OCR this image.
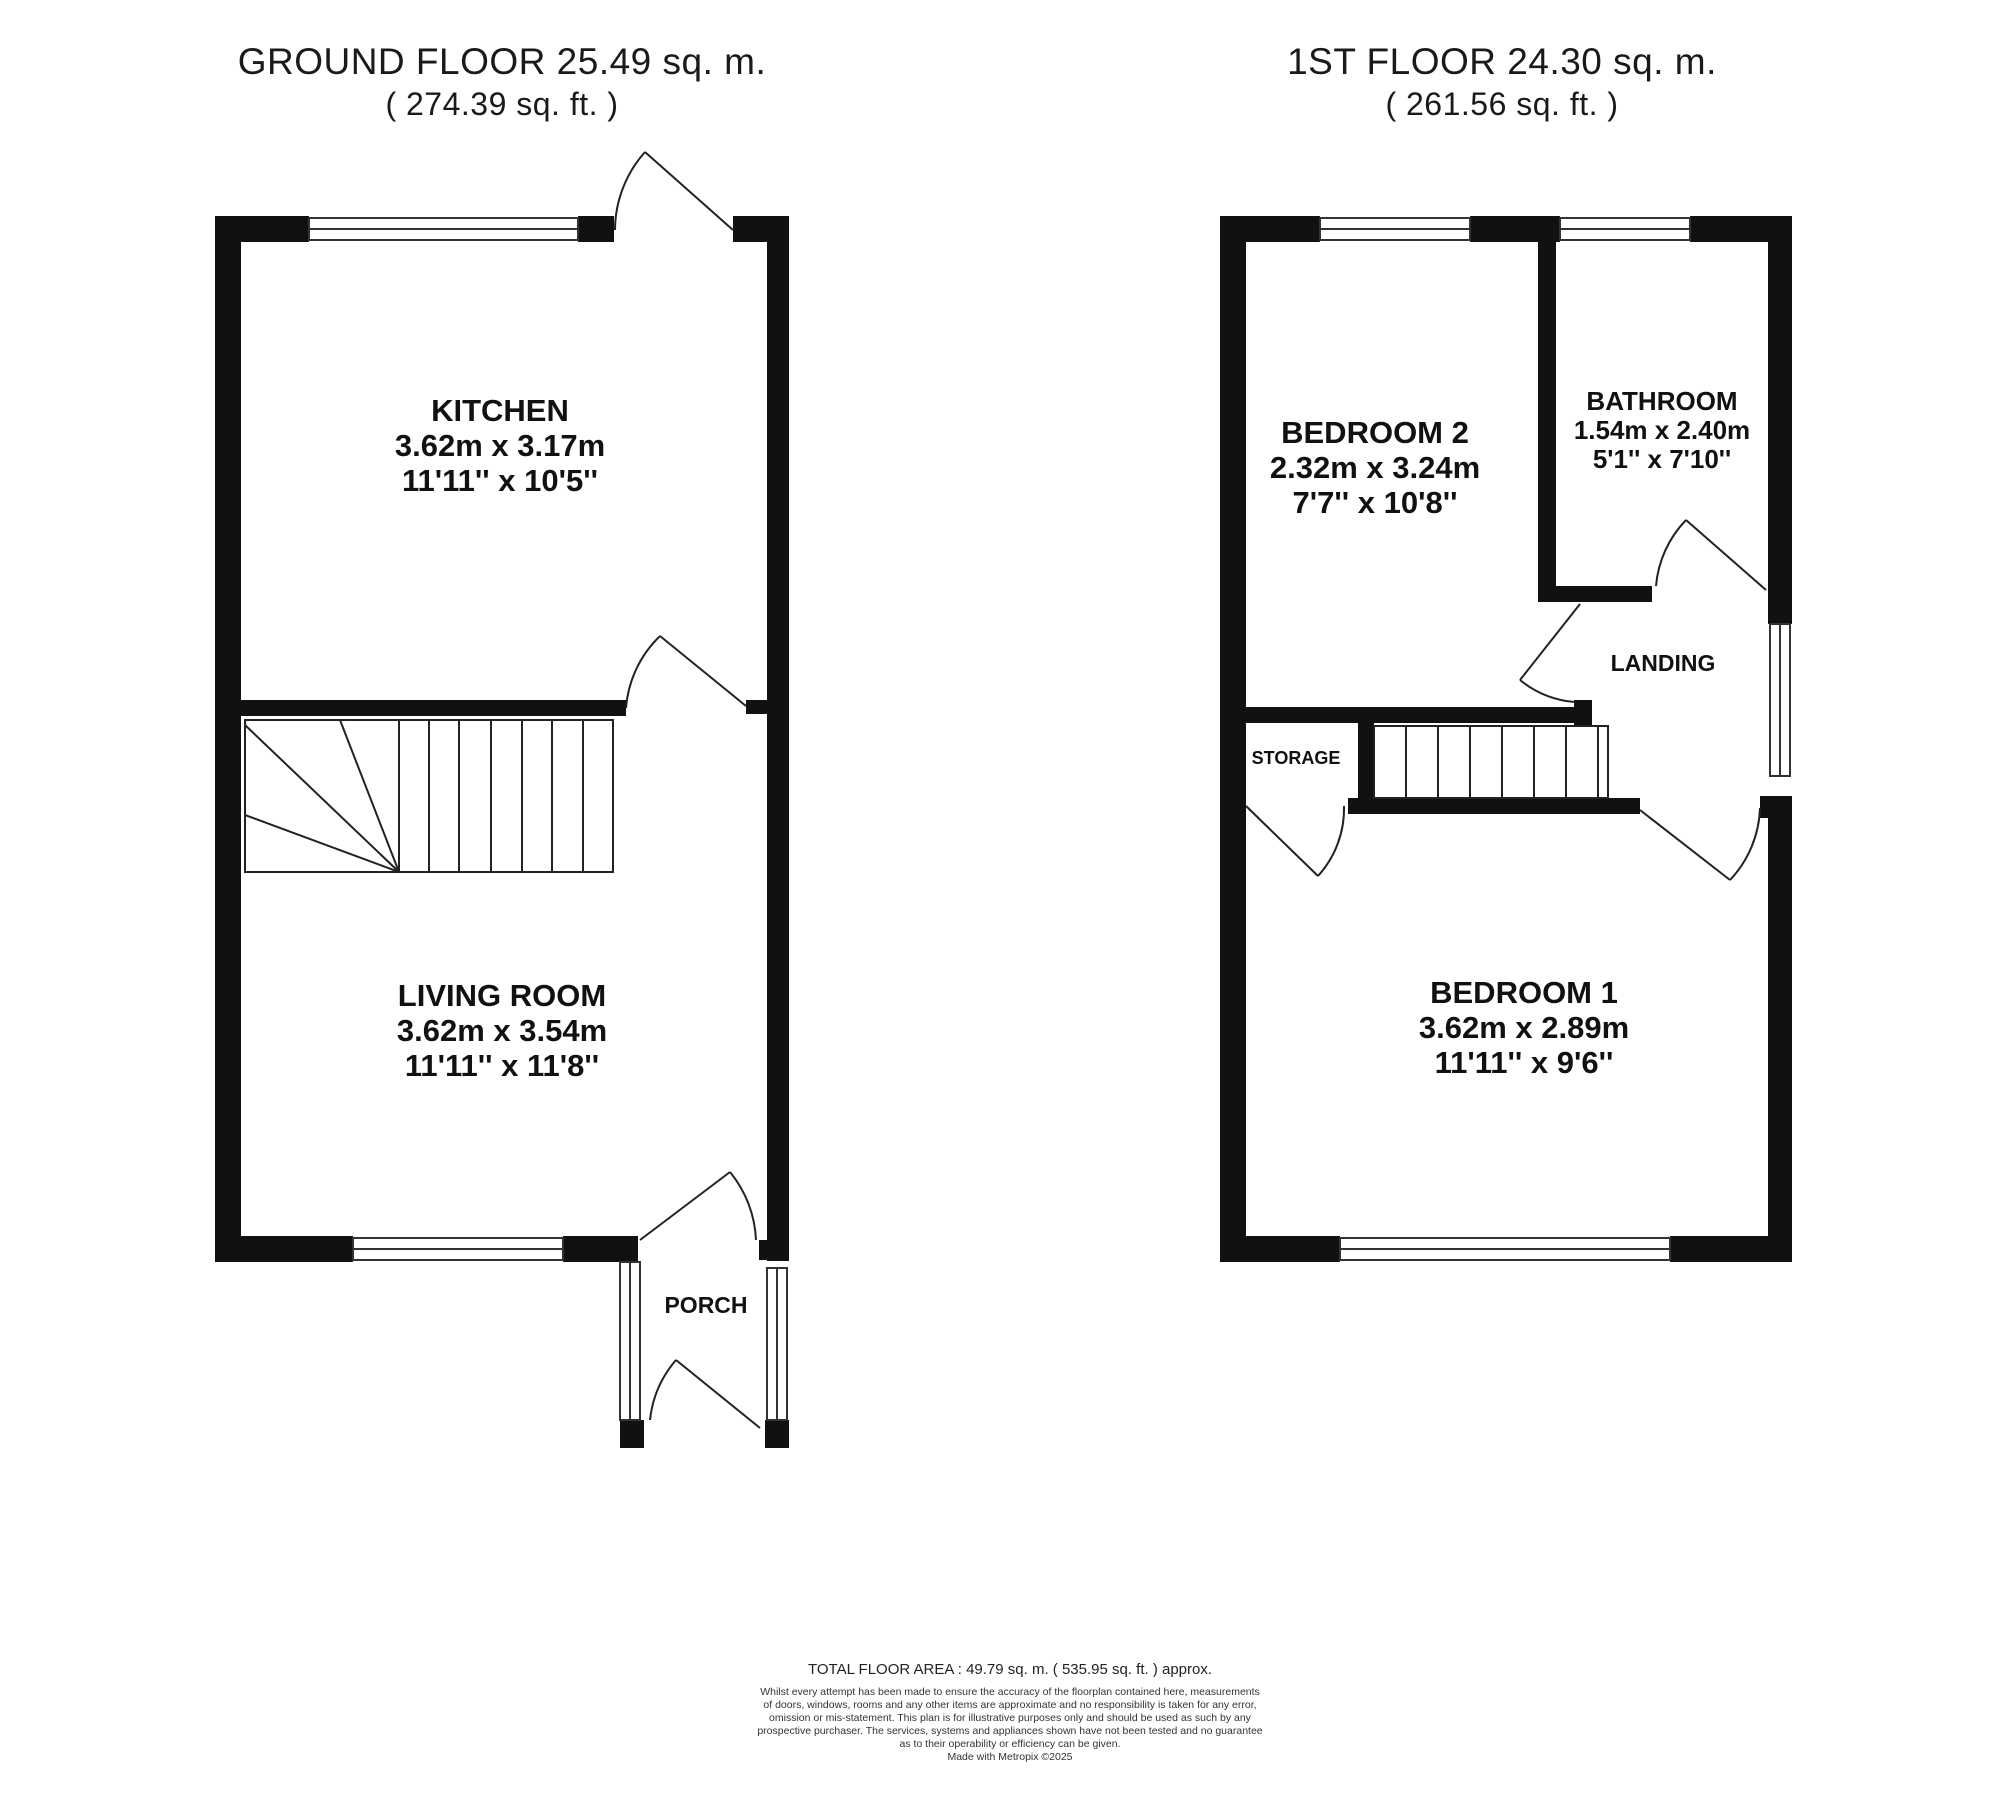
GROUND FLOOR 25.49 sq. m.
( 274.39 sq. ft. )
1ST FLOOR 24.30 sq. m.
( 261.56 sq. ft. )
KITCHEN
3.62m x 3.17m
11'11'' x 10'5''
LIVING ROOM
3.62m x 3.54m
11'11'' x 11'8''
PORCH
BEDROOM 2
2.32m x 3.24m
7'7'' x 10'8''
BATHROOM
1.54m x 2.40m
5'1'' x 7'10''
LANDING
STORAGE
BEDROOM 1
3.62m x 2.89m
11'11'' x 9'6''
TOTAL FLOOR AREA : 49.79 sq. m. ( 535.95 sq. ft. ) approx.
Whilst every attempt has been made to ensure the accuracy of the floorplan contained here, measurements
of doors, windows, rooms and any other items are approximate and no responsibility is taken for any error,
omission or mis-statement. This plan is for illustrative purposes only and should be used as such by any
prospective purchaser. The services, systems and appliances shown have not been tested and no guarantee
as to their operability or efficiency can be given.
Made with Metropix ©2025
